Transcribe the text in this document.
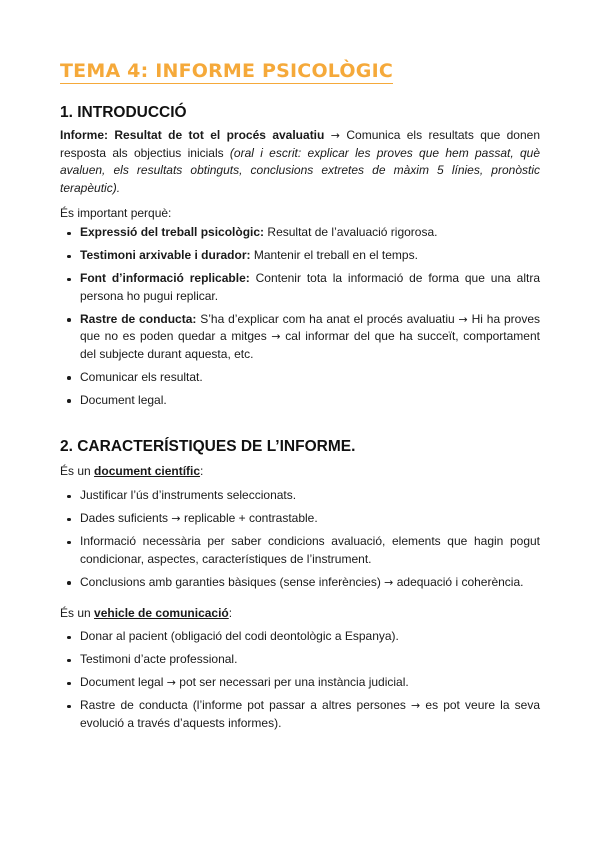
TEMA 4: INFORME PSICOLÒGIC
1. INTRODUCCIÓ
Informe: Resultat de tot el procés avaluatiu → Comunica els resultats que donen resposta als objectius inicials (oral i escrit: explicar les proves que hem passat, què avaluen, els resultats obtinguts, conclusions extretes de màxim 5 línies, pronòstic terapèutic).
És important perquè:
Expressió del treball psicològic: Resultat de l’avaluació rigorosa.
Testimoni arxivable i durador: Mantenir el treball en el temps.
Font d’informació replicable: Contenir tota la informació de forma que una altra persona ho pugui replicar.
Rastre de conducta: S’ha d’explicar com ha anat el procés avaluatiu → Hi ha proves que no es poden quedar a mitges → cal informar del que ha succeït, comportament del subjecte durant aquesta, etc.
Comunicar els resultat.
Document legal.
2. CARACTERÍSTIQUES DE L’INFORME.
És un document científic:
Justificar l’ús d’instruments seleccionats.
Dades suficients → replicable + contrastable.
Informació necessària per saber condicions avaluació, elements que hagin pogut condicionar, aspectes, característiques de l’instrument.
Conclusions amb garanties bàsiques (sense inferències) → adequació i coherència.
És un vehicle de comunicació:
Donar al pacient (obligació del codi deontològic a Espanya).
Testimoni d’acte professional.
Document legal → pot ser necessari per una instància judicial.
Rastre de conducta (l’informe pot passar a altres persones → es pot veure la seva evolució a través d’aquests informes).
